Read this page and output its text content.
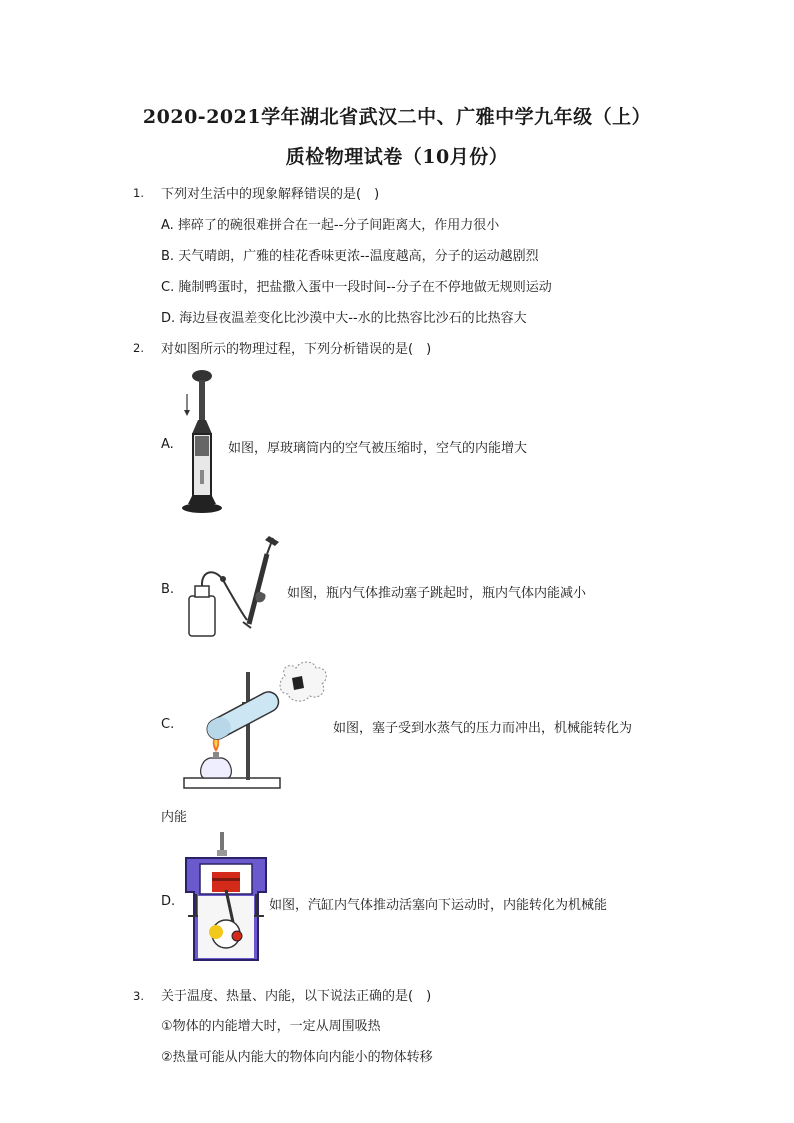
2020-2021学年湖北省武汉二中、广雅中学九年级（上）
质检物理试卷（10月份）
1. 下列对生活中的现象解释错误的是(　)
A. 摔碎了的碗很难拼合在一起--分子间距离大，作用力很小
B. 天气晴朗，广雅的桂花香味更浓--温度越高，分子的运动越剧烈
C. 腌制鸭蛋时，把盐撒入蛋中一段时间--分子在不停地做无规则运动
D. 海边昼夜温差变化比沙漠中大--水的比热容比沙石的比热容大
2. 对如图所示的物理过程，下列分析错误的是(　)
A.	如图，厚玻璃筒内的空气被压缩时，空气的内能增大
B.	如图，瓶内气体推动塞子跳起时，瓶内气体内能减小
C.	如图，塞子受到水蒸气的压力而冲出，机械能转化为
内能
D.	如图，汽缸内气体推动活塞向下运动时，内能转化为机械能
3. 关于温度、热量、内能，以下说法正确的是(　)
①物体的内能增大时，一定从周围吸热
②热量可能从内能大的物体向内能小的物体转移
